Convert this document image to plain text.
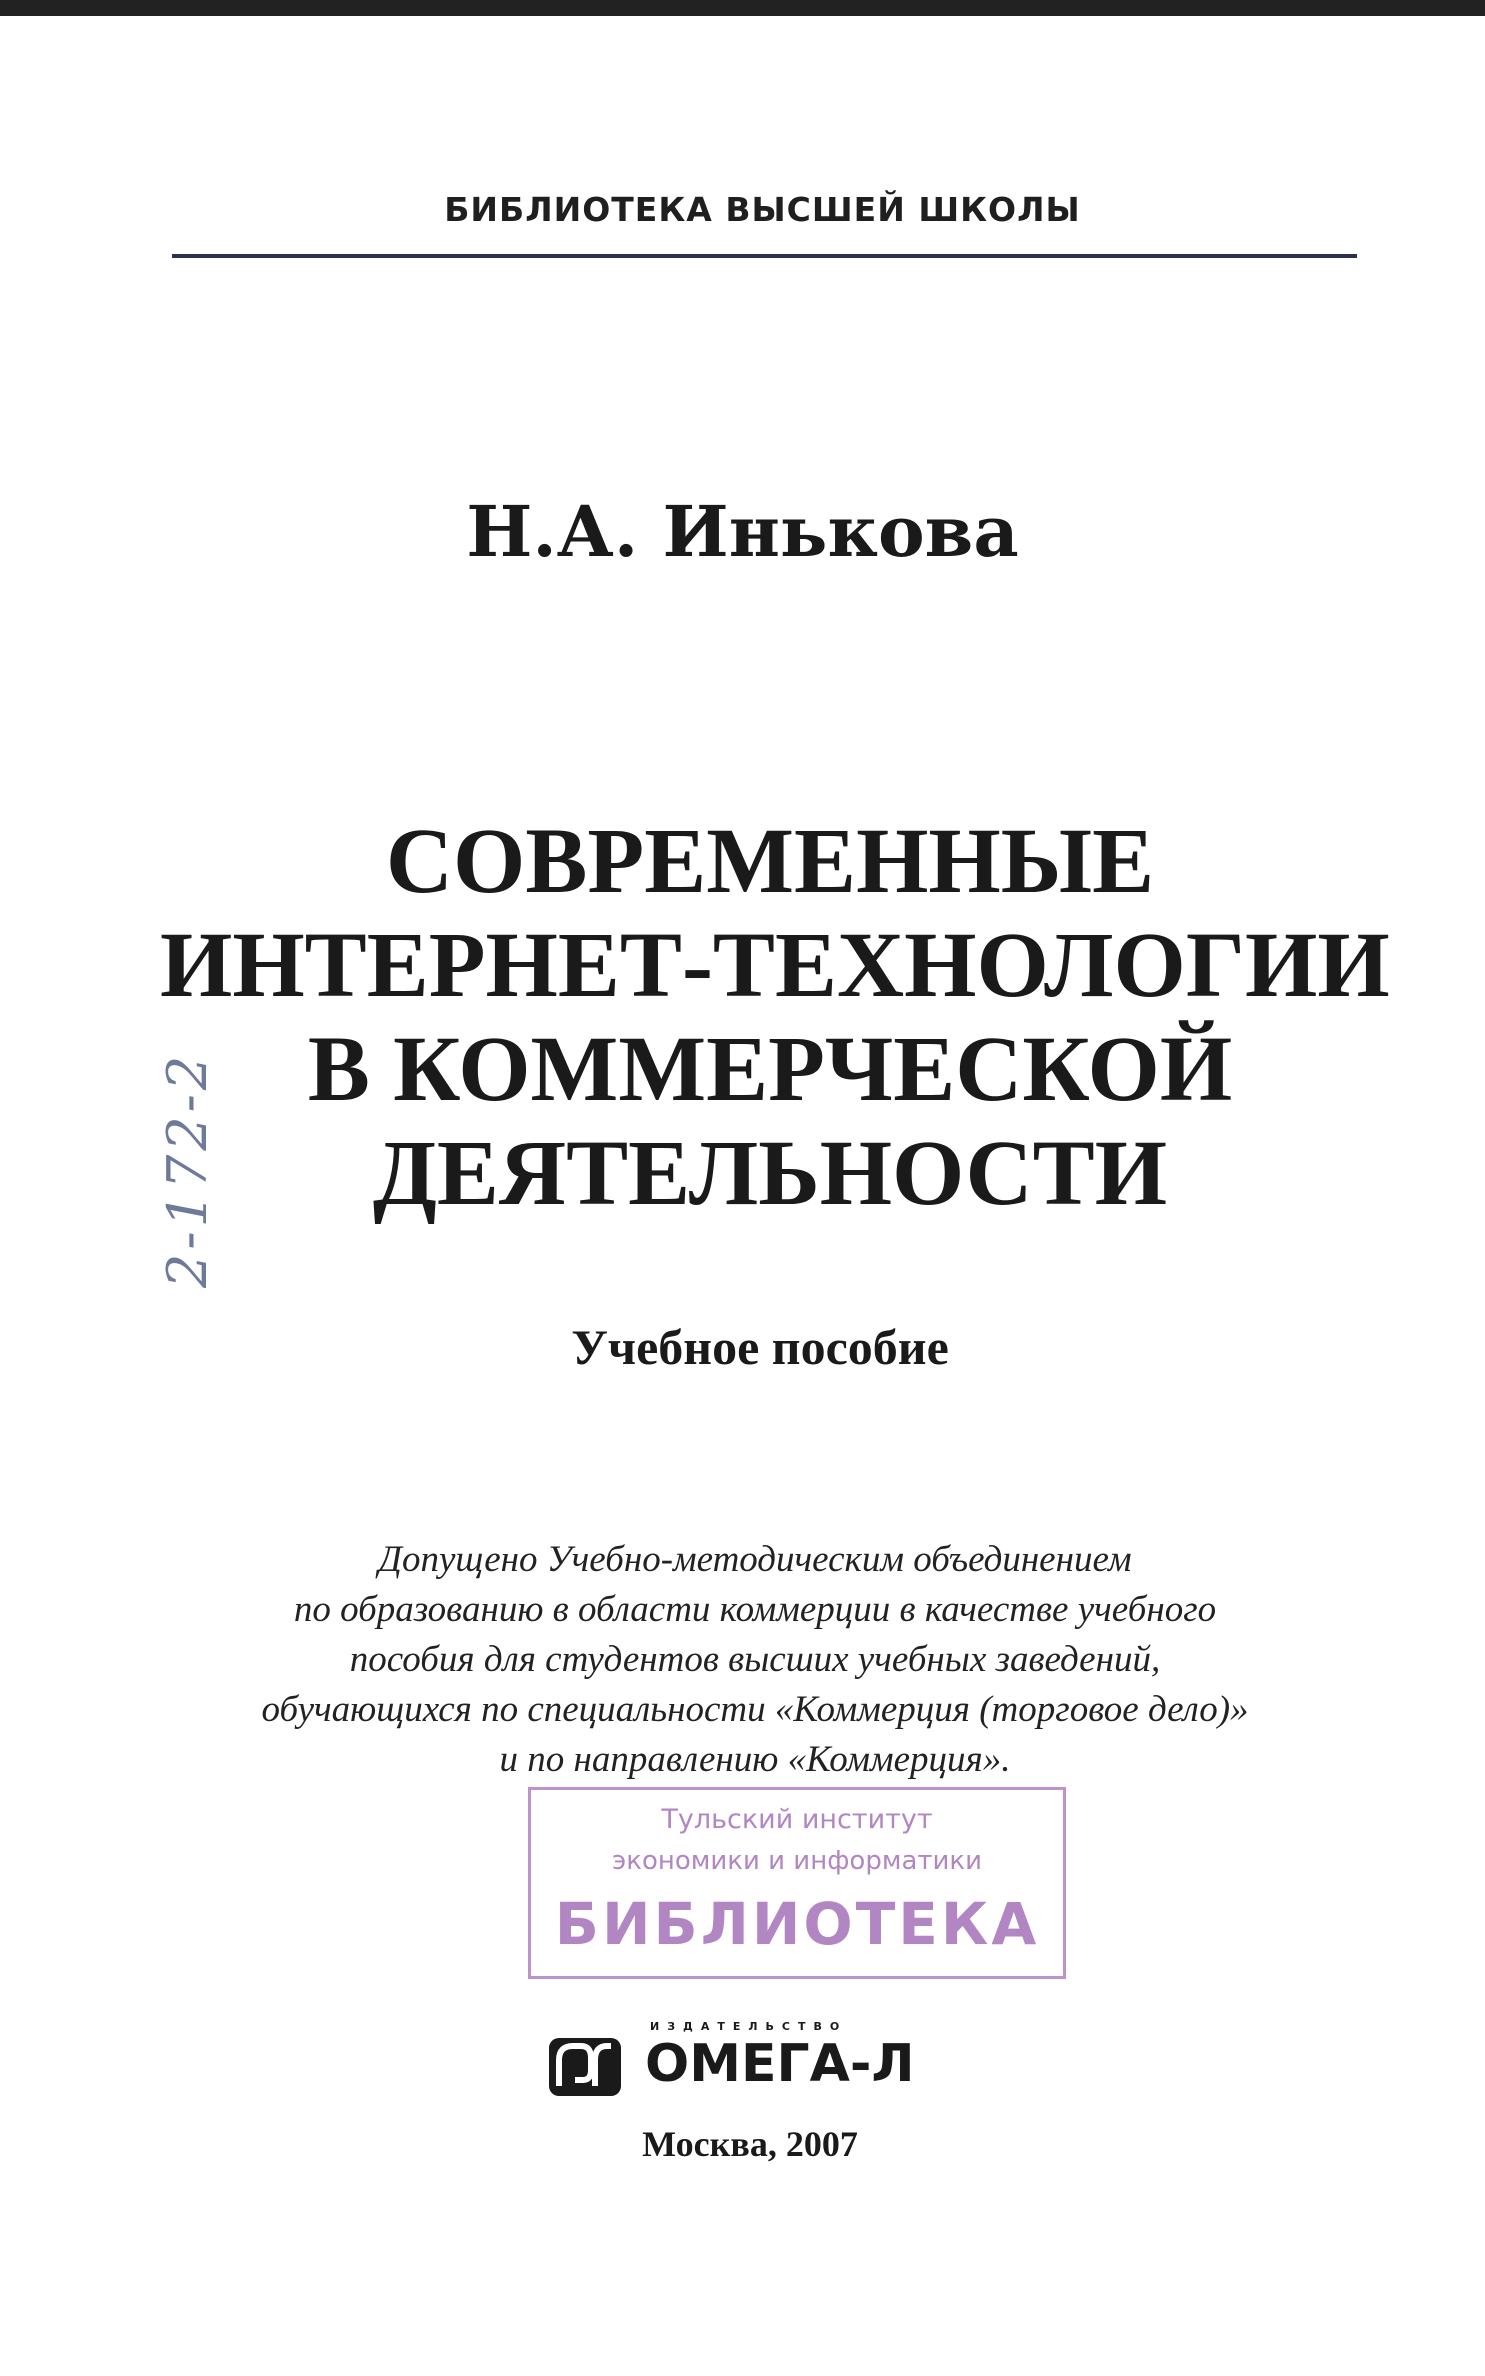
БИБЛИОТЕКА ВЫСШЕЙ ШКОЛЫ
Н.А. Инькова
СОВРЕМЕННЫЕ
ИНТЕРНЕТ-ТЕХНОЛОГИИ
В КОММЕРЧЕСКОЙ
ДЕЯТЕЛЬНОСТИ
2-172-2
Учебное пособие
Допущено Учебно-методическим объединением
по образованию в области коммерции в качестве учебного
пособия для студентов высших учебных заведений,
обучающихся по специальности «Коммерция (торговое дело)»
и по направлению «Коммерция».
Тульский институт
экономики и информатики
БИБЛИОТЕКА
ИЗДАТЕЛЬСТВО
ОМЕГА-Л
Москва, 2007
